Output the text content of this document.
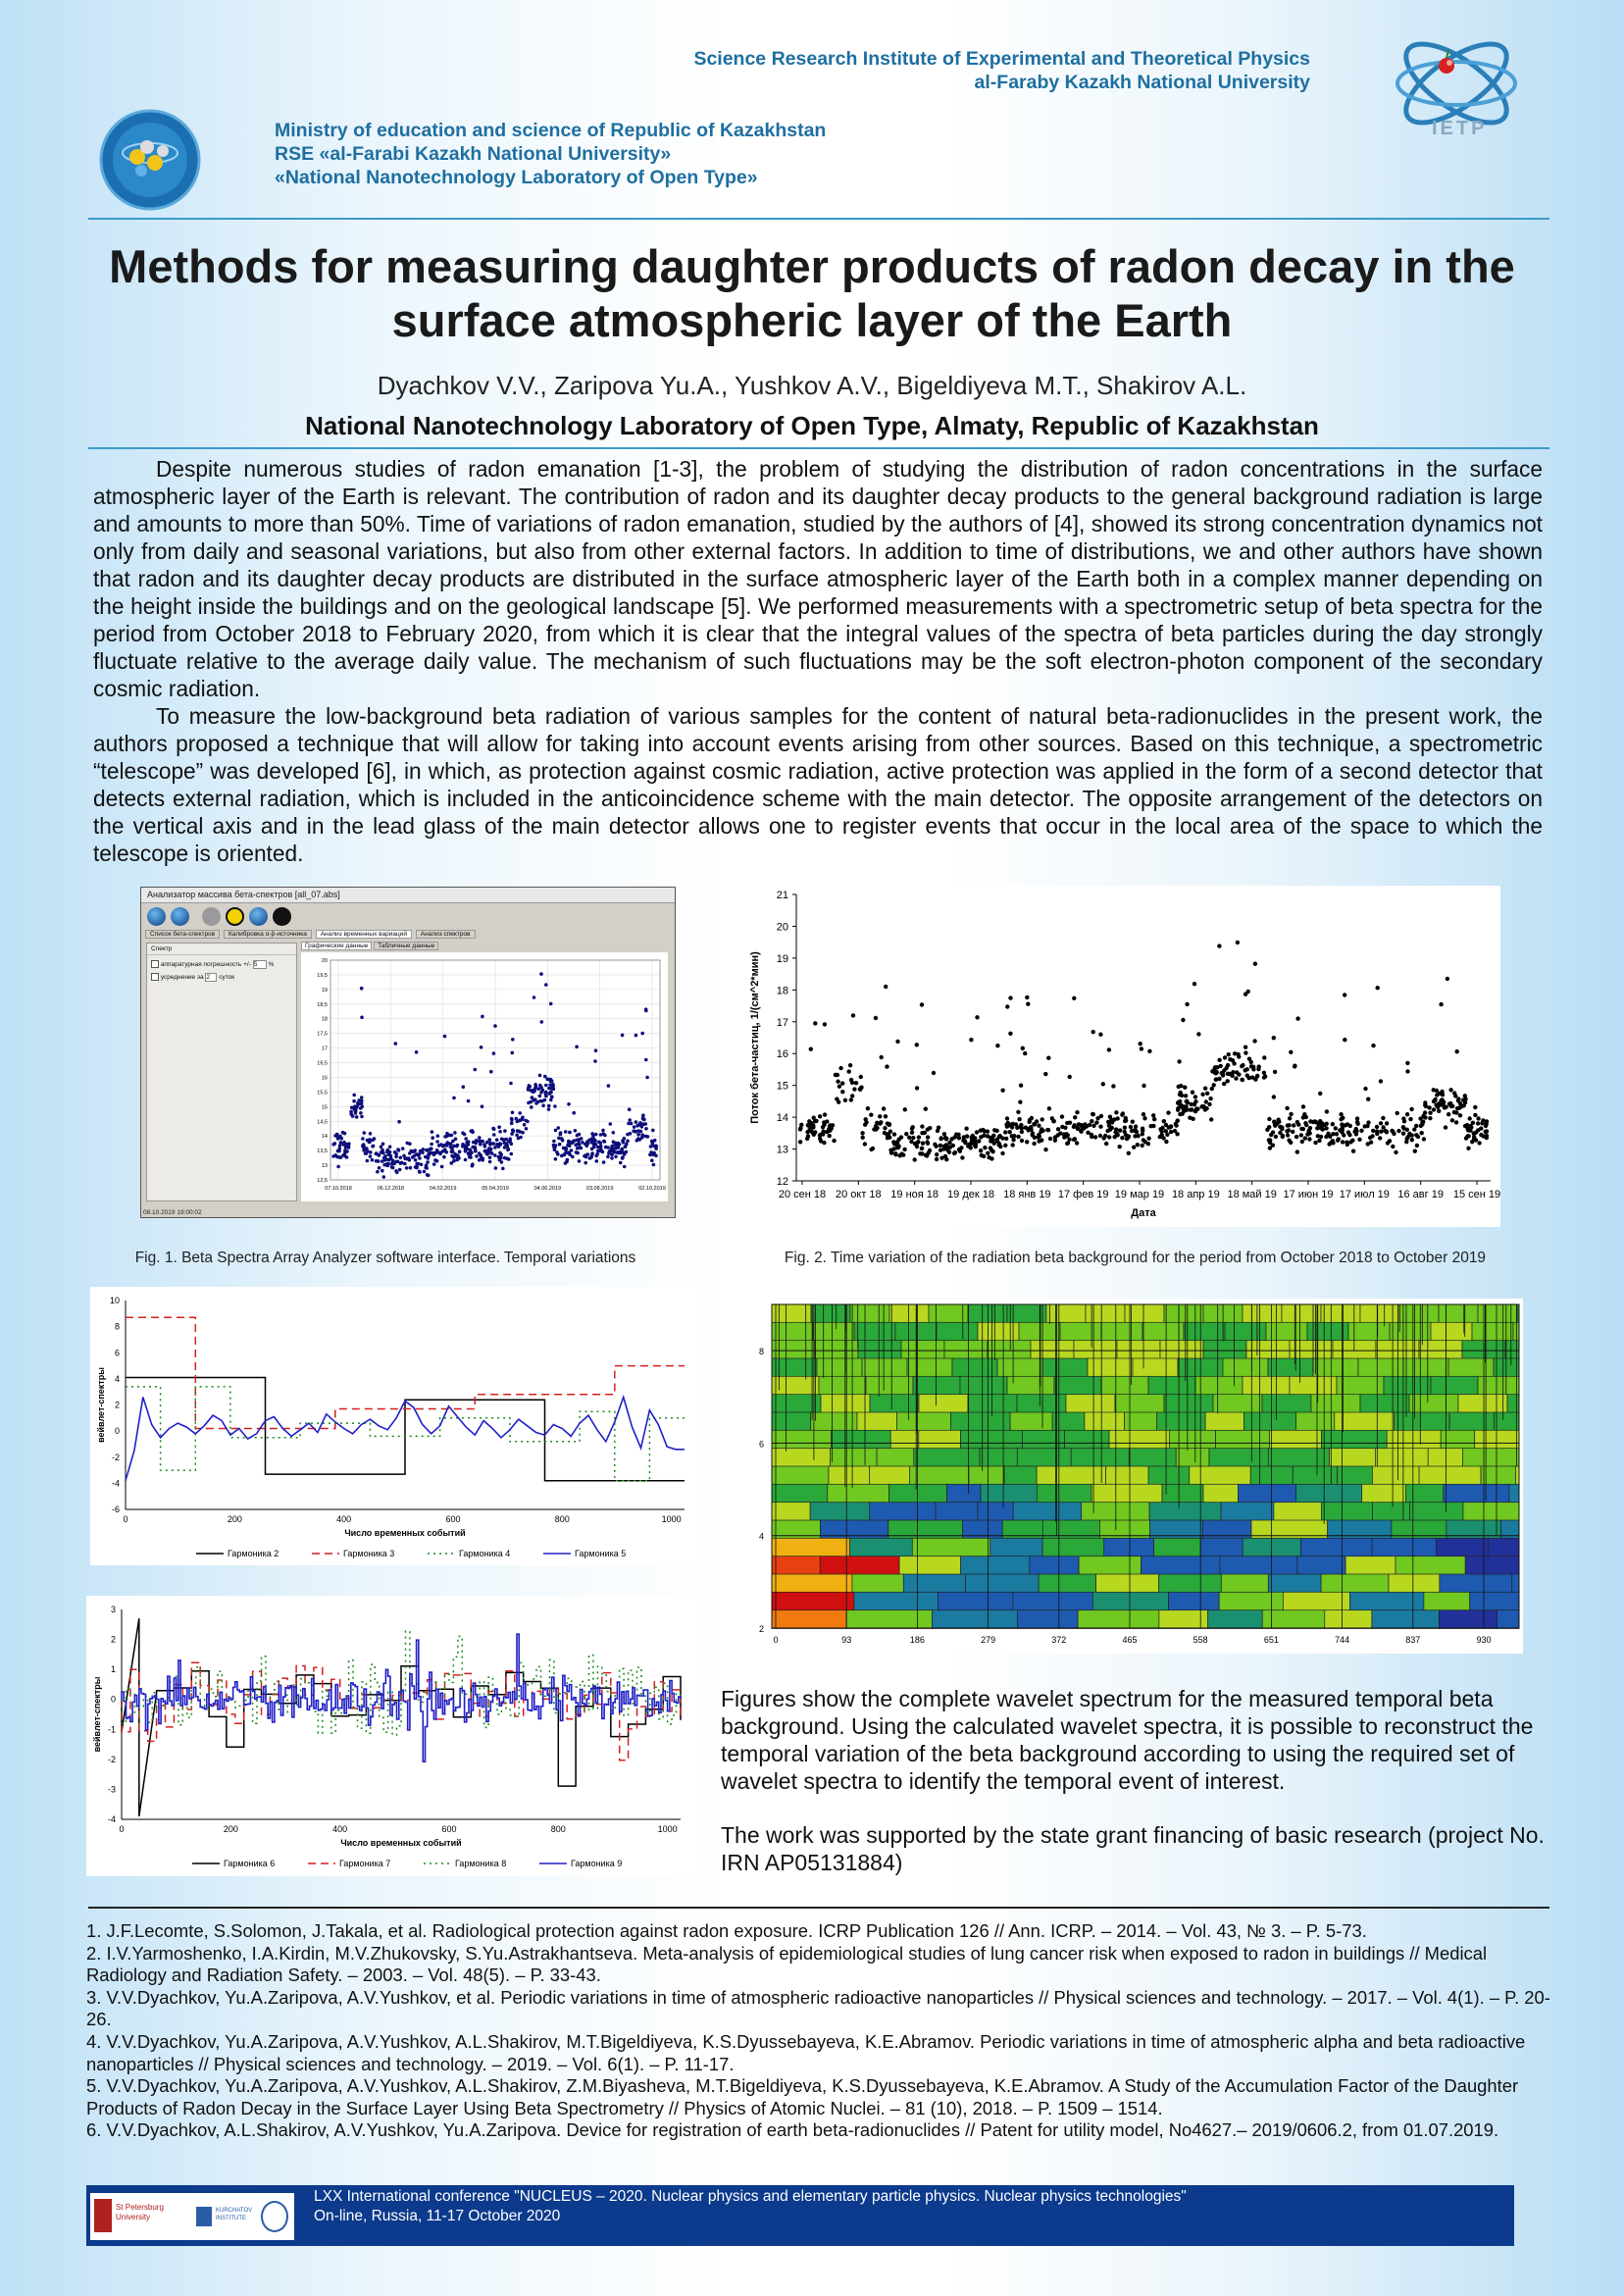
IETP
Science Research Institute of Experimental and Theoretical Physics
al-Faraby Kazakh National University
Ministry of education and science of Republic of Kazakhstan
RSE «al-Farabi Kazakh National University»
«National Nanotechnology Laboratory of Open Type»
Methods for measuring daughter products of radon decay in the
surface atmospheric layer of the Earth
Dyachkov V.V., Zaripova Yu.A., Yushkov A.V., Bigeldiyeva M.T., Shakirov A.L.
National Nanotechnology Laboratory of Open Type, Almaty, Republic of Kazakhstan

Despite numerous studies of radon emanation [1-3], the problem of studying the distribution of radon concentrations in the surface atmospheric layer of the Earth is relevant. The contribution of radon and its daughter decay products to the general background radiation is large and amounts to more than 50%. Time of variations of radon emanation, studied by the authors of [4], showed its strong concentration dynamics not only from daily and seasonal variations, but also from other external factors. In addition to time of distributions, we and other authors have shown that radon and its daughter decay products are distributed in the surface atmospheric layer of the Earth both in a complex manner depending on the height inside the buildings and on the geological landscape [5]. We performed measurements with a spectrometric setup of beta spectra for the period from October 2018 to February 2020, from which it is clear that the integral values of the spectra of beta particles during the day strongly fluctuate relative to the average daily value. The mechanism of such fluctuations may be the soft electron-photon component of the secondary cosmic radiation.

To measure the low-background beta radiation of various samples for the content of natural beta-radionuclides in the present work, the authors proposed a technique that will allow for taking into account events arising from other sources. Based on this technique, a spectrometric “telescope” was developed [6], in which, as protection against cosmic radiation, active protection was applied in the form of a second detector that detects external radiation, which is included in the anticoincidence scheme with the main detector. The opposite arrangement of the detectors on the vertical axis and in the lead glass of the main detector allows one to register events that occur in the local area of the space to which the telescope is oriented.

Анализатор массива бета-спектров [all_07.abs]
Список бета-спектров Калибровка α-β-источника Анализ временных вариаций Анализ спектров
Спектр
аппаратурная погрешность +/- 5 %
усреднение за 2 суток
Графические данные Табличные данные
20
19,5
19
18,5
18
17,5
17
16,5
16
15,5
15
14,5
14
13,5
13
12,5
07.10.2018	06.12.2018	04.02.2019	05.04.2019	04.06.2019	03.08.2019	02.10.2019
08.10.2019 19:00:02
12
13
14
15
16
17
18
19
20
21
20 сен 18 20 окт 18 19 ноя 18 19 дек 18 18 янв 19 17 фев 19 19 мар 19 18 апр 19 18 май 19 17 июн 19 17 июл 19 16 авг 19 15 сен 19
Дата
Поток бета-частиц, 1/(см^2*мин)
Fig. 1. Beta Spectra Array Analyzer software interface. Temporal variations	Fig. 2. Time variation of the radiation beta background for the period from October 2018 to October 2019
-6
-4
-2
0
2
4
6
8
10
0	200	400	600	800	1000
Число временных событий
вейвлет-спектры
Гармоника 2	Гармоника 3	Гармоника 4	Гармоника 5
-4
-3
-2
-1
0
1
2
3
0	200	400	600	800	1000
Число временных событий
вейвлет-спектры
Гармоника 6	Гармоника 7	Гармоника 8	Гармоника 9
2
4
6
8
0	93	186	279	372	465	558	651	744	837	930
Figures show the complete wavelet spectrum for the measured temporal beta background. Using the calculated wavelet spectra, it is possible to reconstruct the temporal variation of the beta background according to using the required set of wavelet spectra to identify the temporal event of interest.
The work was supported by the state grant financing of basic research (project No. IRN AP05131884)
1. J.F.Lecomte, S.Solomon, J.Takala, et al. Radiological protection against radon exposure. ICRP Publication 126 // Ann. ICRP. – 2014. – Vol. 43, № 3. – P. 5-73.
2. I.V.Yarmoshenko, I.A.Kirdin, M.V.Zhukovsky, S.Yu.Astrakhantseva. Meta-analysis of epidemiological studies of lung cancer risk when exposed to radon in buildings // Medical Radiology and Radiation Safety. – 2003. – Vol. 48(5). – P. 33-43.
3. V.V.Dyachkov, Yu.A.Zaripova, A.V.Yushkov, et al. Periodic variations in time of atmospheric radioactive nanoparticles // Physical sciences and technology. – 2017. – Vol. 4(1). – P. 20-26.
4. V.V.Dyachkov, Yu.A.Zaripova, A.V.Yushkov, A.L.Shakirov, M.T.Bigeldiyeva, K.S.Dyussebayeva, K.E.Abramov. Periodic variations in time of atmospheric alpha and beta radioactive nanoparticles // Physical sciences and technology. – 2019. – Vol. 6(1). – P. 11-17.
5. V.V.Dyachkov, Yu.A.Zaripova, A.V.Yushkov, A.L.Shakirov, Z.M.Biyasheva, M.T.Bigeldiyeva, K.S.Dyussebayeva, K.E.Abramov. A Study of the Accumulation Factor of the Daughter Products of Radon Decay in the Surface Layer Using Beta Spectrometry // Physics of Atomic Nuclei. – 81 (10), 2018. – P. 1509 – 1514.
6. V.V.Dyachkov, A.L.Shakirov, A.V.Yushkov, Yu.A.Zaripova. Device for registration of earth beta-radionuclides // Patent for utility model, No4627.– 2019/0606.2, from 01.07.2019.
St Petersburg University
KURCHATOV INSTITUTE
LXX International conference "NUCLEUS – 2020. Nuclear physics and elementary particle physics. Nuclear physics technologies"
On-line, Russia, 11-17 October 2020
